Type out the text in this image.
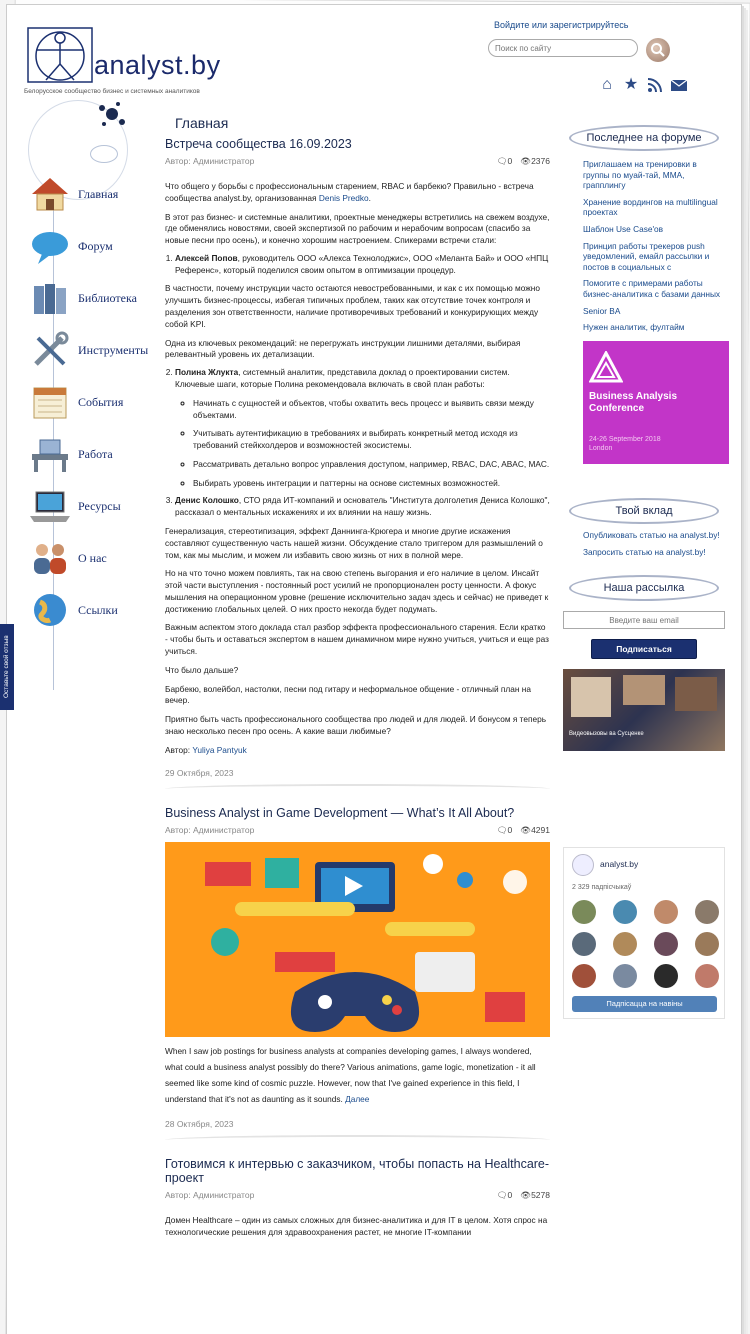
analyst.by
Белорусское сообщество бизнес и системных аналитиков
Войдите или зарегистрируйтесь
Поиск по сайту
⌂ ★
Главная
Форум
Библиотека
Инструменты
События
Работа
Ресурсы
О нас
Ссылки
Оставьте свой отзыв
Главная
Встреча сообщества 16.09.2023
Автор: Администратор	🗨0 👁2376

Что общего у борьбы с профессиональным старением, RBAC и барбекю? Правильно - встреча сообщества analyst.by, организованная Denis Predko.

В этот раз бизнес- и системные аналитики, проектные менеджеры встретились на свежем воздухе, где обменялись новостями, своей экспертизой по рабочим и нерабочим вопросам (спасибо за новые песни про осень), и конечно хорошим настроением. Спикерами встречи стали:

1. Алексей Попов, руководитель ООО «Алекса Технолоджис», ООО «Меланта Бай» и ООО «НПЦ Референс», который поделился своим опытом в оптимизации процедур.

В частности, почему инструкции часто остаются невостребованными, и как с их помощью можно улучшить бизнес-процессы, избегая типичных проблем, таких как отсутствие точек контроля и разделения зон ответственности, наличие противоречивых требований и конкурирующих между собой KPI.

Одна из ключевых рекомендаций: не перегружать инструкции лишними деталями, выбирая релевантный уровень их детализации.

2. Полина Жлукта, системный аналитик, представила доклад о проектировании систем. Ключевые шаги, которые Полина рекомендовала включать в свой план работы:
◦ Начинать с сущностей и объектов, чтобы охватить весь процесс и выявить связи между объектами.
◦ Учитывать аутентификацию в требованиях и выбирать конкретный метод исходя из требований стейкхолдеров и возможностей экосистемы.
◦ Рассматривать детально вопрос управления доступом, например, RBAC, DAC, ABAC, MAC.
◦ Выбирать уровень интеграции и паттерны на основе системных возможностей.
3. Денис Колошко, СТО ряда ИТ-компаний и основатель "Института долголетия Дениса Колошко", рассказал о ментальных искажениях и их влиянии на нашу жизнь.

Генерализация, стереотипизация, эффект Даннинга-Крюгера и многие другие искажения составляют существенную часть нашей жизни. Обсуждение стало триггером для размышлений о том, как мы мыслим, и можем ли избавить свою жизнь от них в полной мере.

Но на что точно можем повлиять, так на свою степень выгорания и его наличие в целом. Инсайт этой части выступления - постоянный рост усилий не пропорционален росту ценности. А фокус мышления на операционном уровне (решение исключительно задач здесь и сейчас) не приведет к достижению глобальных целей. О них просто некогда будет подумать.

Важным аспектом этого доклада стал разбор эффекта профессионального старения. Если кратко - чтобы быть и оставаться экспертом в нашем динамичном мире нужно учиться, учиться и еще раз учиться.

Что было дальше?

Барбекю, волейбол, настолки, песни под гитару и неформальное общение - отличный план на вечер.

Приятно быть часть профессионального сообщества про людей и для людей. И бонусом я теперь знаю несколько песен про осень. А какие ваши любимые?

Автор: Yuliya Pantyuk

29 Октября, 2023
Business Analyst in Game Development — What’s It All About?
Автор: Администратор	🗨0 👁4291

When I saw job postings for business analysts at companies developing games, I always wondered, what could a business analyst possibly do there? Various animations, game logic, monetization - it all seemed like some kind of cosmic puzzle. However, now that I've gained experience in this field, I understand that it's not as daunting as it sounds. Далее

28 Октября, 2023
Готовимся к интервью с заказчиком, чтобы попасть на Healthcare-проект
Автор: Администратор	🗨0 👁5278

Домен Healthcare – один из самых сложных для бизнес-аналитика и для IT в целом. Хотя спрос на технологические решения для здравоохранения растет, не многие IT-компании

Последнее на форуме
Приглашаем на тренировки в группы по муай-тай, ММА, грапплингу
Хранение вордингов на multilingual проектах
Шаблон Use Case'ов
Принцип работы трекеров push уведомлений, емайл рассылки и постов в социальных с
Помогите с примерами работы бизнес-аналитика с базами данных
Senior BA
Нужен аналитик, фултайм
Business Analysis Conference
24-26 September 2018
London
Твой вклад
Опубликовать статью на analyst.by!
Запросить статью на analyst.by!
Наша рассылка
Введите ваш email
Подписаться
Видеовызовы ва Сусценке
analyst.by
2 329 падпісчыкаў
Падпісацца на навіны
